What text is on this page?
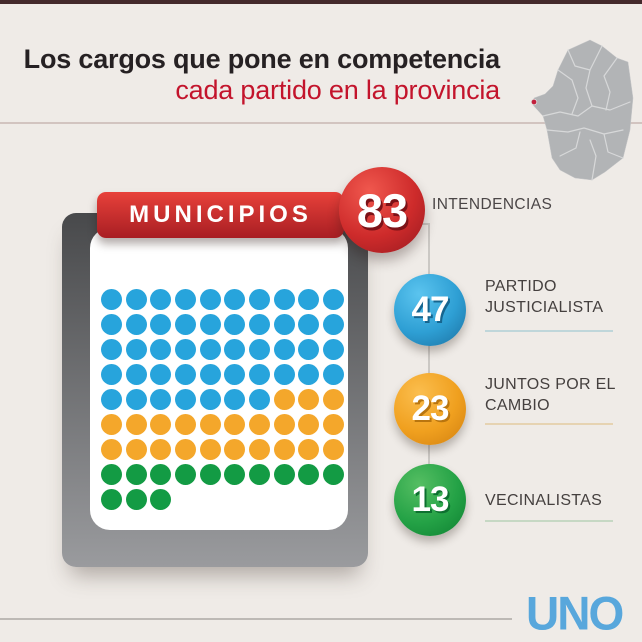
Los cargos que pone en competencia
cada partido en la provincia
MUNICIPIOS 83 INTENDENCIAS
47
PARTIDO
JUSTICIALISTA
23
JUNTOS POR EL
CAMBIO
13 VECINALISTAS
UNO
